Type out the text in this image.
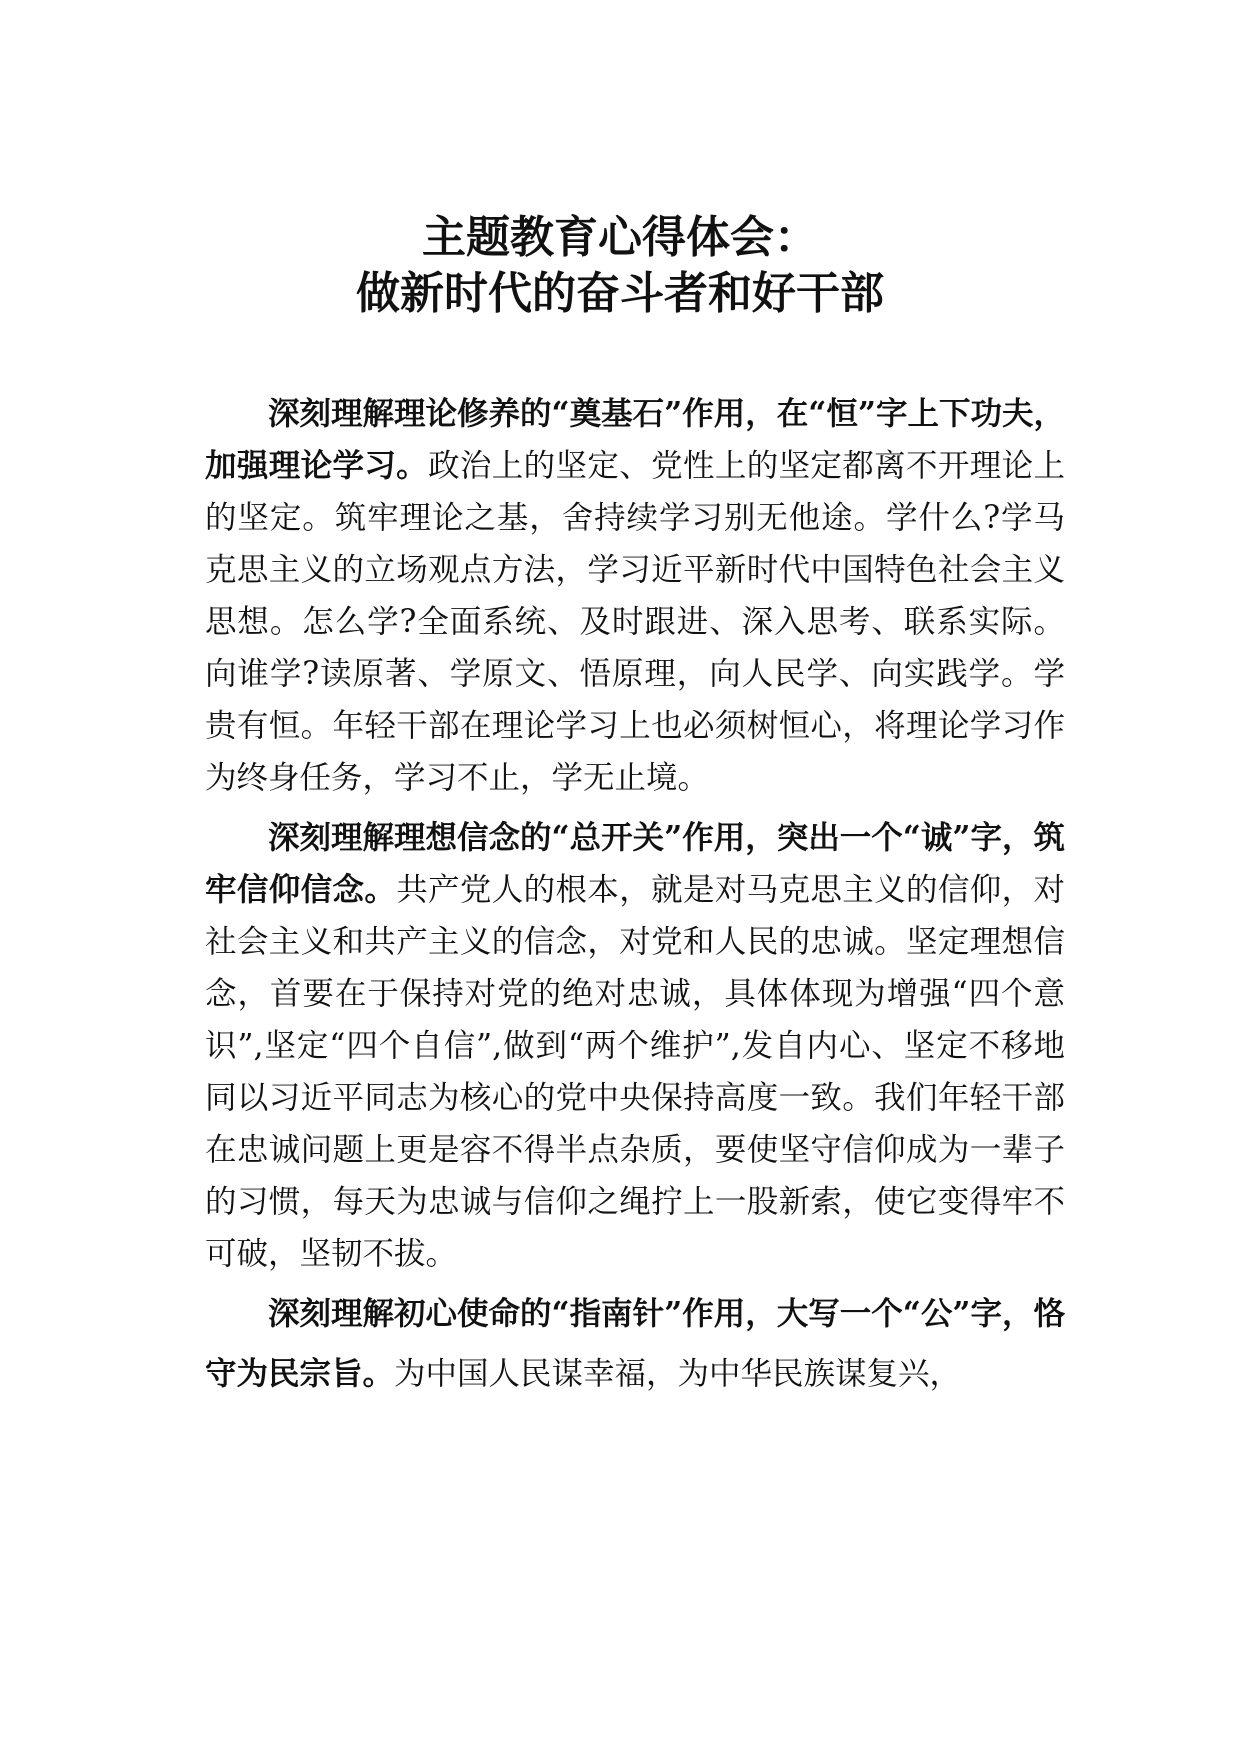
主题教育心得体会：
做新时代的奋斗者和好干部

深刻理解理论修养的“奠基石”作用，在“恒”字上下功夫，加强理论学习。政治上的坚定、党性上的坚定都离不开理论上的坚定。筑牢理论之基，舍持续学习别无他途。学什么?学马克思主义的立场观点方法，学习近平新时代中国特色社会主义思想。怎么学?全面系统、及时跟进、深入思考、联系实际。向谁学?读原著、学原文、悟原理，向人民学、向实践学。学贵有恒。年轻干部在理论学习上也必须树恒心，将理论学习作为终身任务，学习不止，学无止境。

深刻理解理想信念的“总开关”作用，突出一个“诚”字，筑牢信仰信念。共产党人的根本，就是对马克思主义的信仰，对社会主义和共产主义的信念，对党和人民的忠诚。坚定理想信念，首要在于保持对党的绝对忠诚，具体体现为增强“四个意识”,坚定“四个自信”,做到“两个维护”,发自内心、坚定不移地同以习近平同志为核心的党中央保持高度一致。我们年轻干部在忠诚问题上更是容不得半点杂质，要使坚守信仰成为一辈子的习惯，每天为忠诚与信仰之绳拧上一股新索，使它变得牢不可破，坚韧不拔。

深刻理解初心使命的“指南针”作用，大写一个“公”字，恪守为民宗旨。为中国人民谋幸福，为中华民族谋复兴，
